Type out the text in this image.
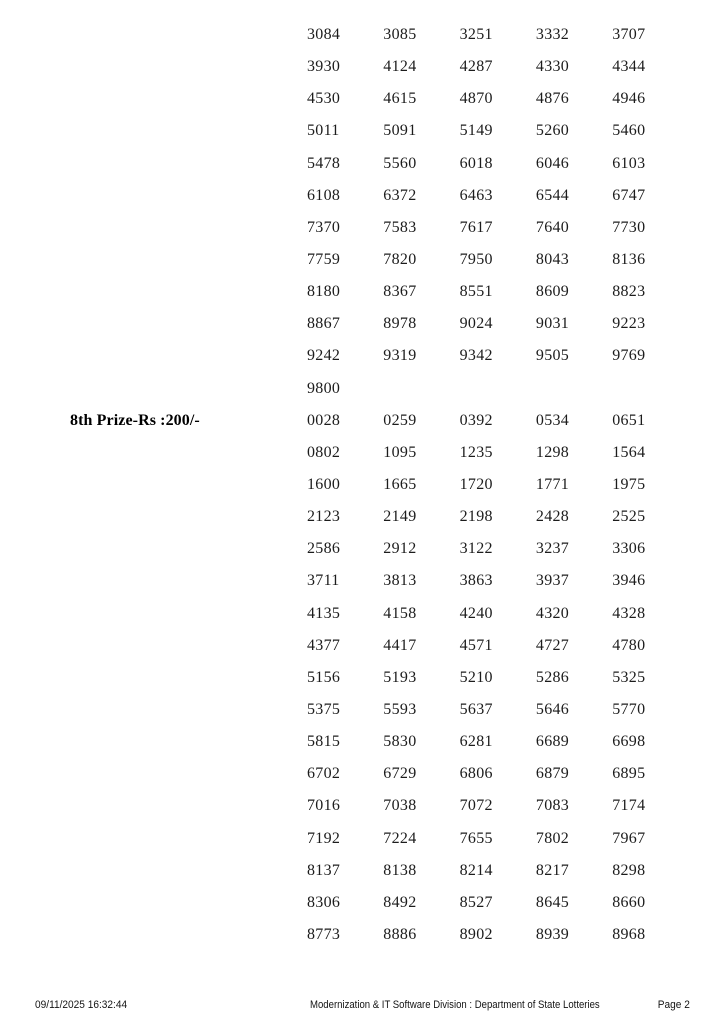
3084	3085	3251	3332	3707
3930	4124	4287	4330	4344
4530	4615	4870	4876	4946
5011	5091	5149	5260	5460
5478	5560	6018	6046	6103
6108	6372	6463	6544	6747
7370	7583	7617	7640	7730
7759	7820	7950	8043	8136
8180	8367	8551	8609	8823
8867	8978	9024	9031	9223
9242	9319	9342	9505	9769
9800
8th Prize-Rs :200/-	0028	0259	0392	0534	0651
0802	1095	1235	1298	1564
1600	1665	1720	1771	1975
2123	2149	2198	2428	2525
2586	2912	3122	3237	3306
3711	3813	3863	3937	3946
4135	4158	4240	4320	4328
4377	4417	4571	4727	4780
5156	5193	5210	5286	5325
5375	5593	5637	5646	5770
5815	5830	6281	6689	6698
6702	6729	6806	6879	6895
7016	7038	7072	7083	7174
7192	7224	7655	7802	7967
8137	8138	8214	8217	8298
8306	8492	8527	8645	8660
8773	8886	8902	8939	8968
09/11/2025 16:32:44	Modernization & IT Software Division : Department of State Lotteries	Page 2
